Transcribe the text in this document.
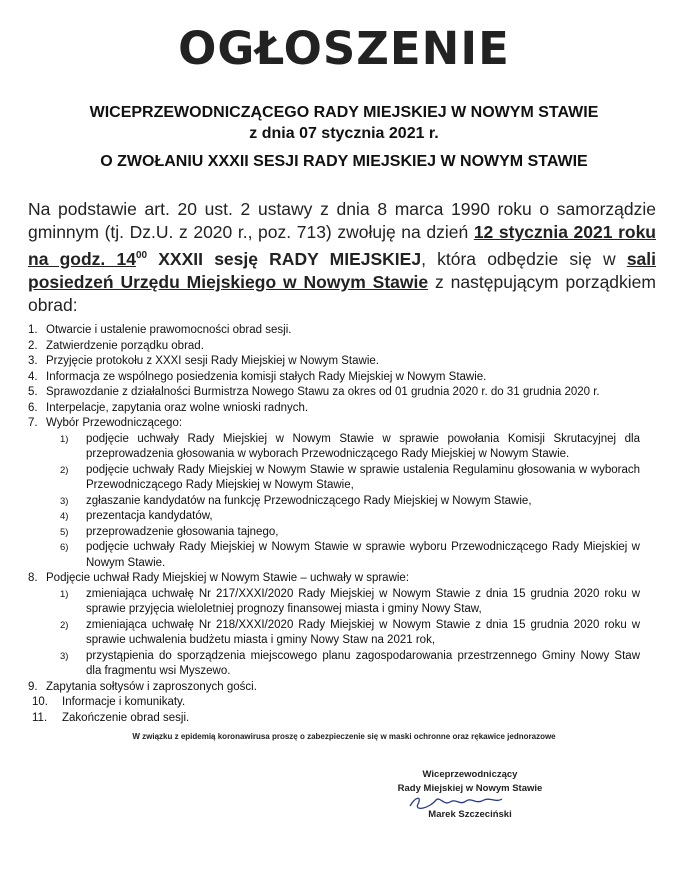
OGŁOSZENIE
WICEPRZEWODNICZĄCEGO RADY MIEJSKIEJ W NOWYM STAWIE
z dnia 07 stycznia 2021 r.
O ZWOŁANIU XXXII SESJI RADY MIEJSKIEJ W NOWYM STAWIE
Na podstawie art. 20 ust. 2 ustawy z dnia 8 marca 1990 roku o samorządzie gminnym (tj. Dz.U. z 2020 r., poz. 713) zwołuję na dzień 12 stycznia 2021 roku na godz. $14^{00}$ XXXII sesję RADY MIEJSKIEJ, która odbędzie się w sali posiedzeń Urzędu Miejskiego w Nowym Stawie z następującym porządkiem obrad:
1. Otwarcie i ustalenie prawomocności obrad sesji.
2. Zatwierdzenie porządku obrad.
3. Przyjęcie protokołu z XXXI sesji Rady Miejskiej w Nowym Stawie.
4. Informacja ze wspólnego posiedzenia komisji stałych Rady Miejskiej w Nowym Stawie.
5. Sprawozdanie z działalności Burmistrza Nowego Stawu za okres od 01 grudnia 2020 r. do 31 grudnia 2020 r.
6. Interpelacje, zapytania oraz wolne wnioski radnych.
7. Wybór Przewodniczącego:
1)	podjęcie uchwały Rady Miejskiej w Nowym Stawie w sprawie powołania Komisji Skrutacyjnej dla przeprowadzenia głosowania w wyborach Przewodniczącego Rady Miejskiej w Nowym Stawie.
2)	podjęcie uchwały Rady Miejskiej w Nowym Stawie w sprawie ustalenia Regulaminu głosowania w wyborach Przewodniczącego Rady Miejskiej w Nowym Stawie,
3)	zgłaszanie kandydatów na funkcję Przewodniczącego Rady Miejskiej w Nowym Stawie,
4)	prezentacja kandydatów,
5)	przeprowadzenie głosowania tajnego,
6)	podjęcie uchwały Rady Miejskiej w Nowym Stawie w sprawie wyboru Przewodniczącego Rady Miejskiej w Nowym Stawie.
8. Podjęcie uchwał Rady Miejskiej w Nowym Stawie – uchwały w sprawie:
1)	zmieniająca uchwałę Nr 217/XXXI/2020 Rady Miejskiej w Nowym Stawie z dnia 15 grudnia 2020 roku w sprawie przyjęcia wieloletniej prognozy finansowej miasta i gminy Nowy Staw,
2)	zmieniająca uchwałę Nr 218/XXXI/2020 Rady Miejskiej w Nowym Stawie z dnia 15 grudnia 2020 roku w sprawie uchwalenia budżetu miasta i gminy Nowy Staw na 2021 rok,
3)	przystąpienia do sporządzenia miejscowego planu zagospodarowania przestrzennego Gminy Nowy Staw dla fragmentu wsi Myszewo.
9. Zapytania sołtysów i zaproszonych gości.
10.	Informacje i komunikaty.
11.	Zakończenie obrad sesji.
W związku z epidemią koronawirusa proszę o zabezpieczenie się w maski ochronne oraz rękawice jednorazowe
Wiceprzewodniczący
Rady Miejskiej w Nowym Stawie
Marek Szczeciński
